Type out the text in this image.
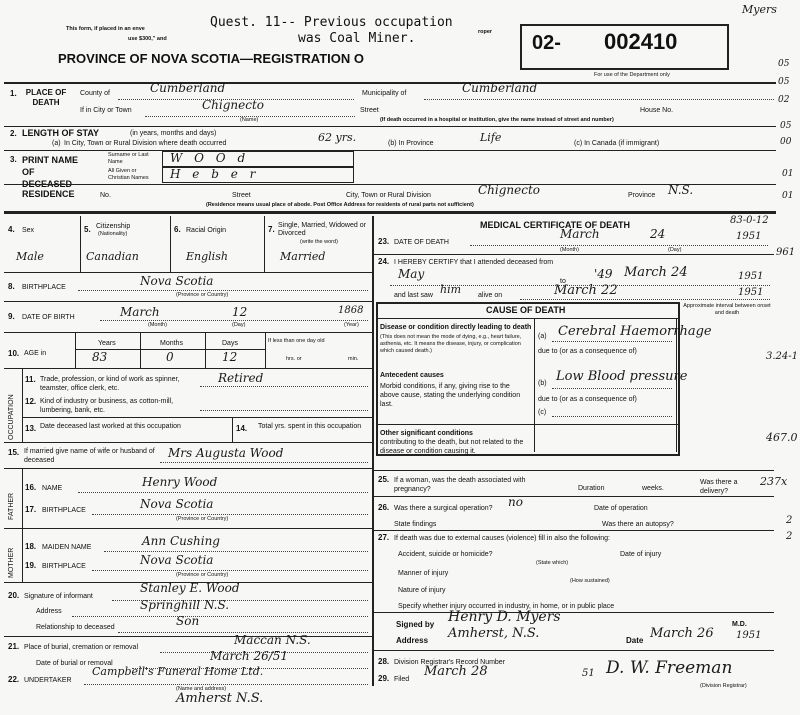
This form, if placed in an enve
use $300," and
PROVINCE OF NOVA SCOTIA—REGISTRATION O
Quest. 11-- Previous occupation
was Coal Miner.	roper 02- 002410
For use of the Department only
Myers
1.	PLACE OF DEATH
County of	Cumberland	Municipality of	Cumberland
If in City or Town	Chignecto
(Name)
Street	House No.
(If death occurred in a hospital or institution, give the name instead of street and number)
2. LENGTH OF STAY	(in years, months and days)
(a) In City, Town or Rural Division where death occurred	62 yrs.	(b) In Province	Life	(c) In Canada (if immigrant)
3. PRINT NAME OF DECEASED
Surname or Last Name	W O O d
All Given or Christian Names	H e b e r
RESIDENCE	No.	Street	City, Town or Rural Division	Chignecto	Province N.S.
(Residence means usual place of abode. Post Office Address for residents of rural parts not sufficient)
4. Sex
Male
5. Citizenship
(Nationality)
Canadian
6. Racial Origin
English
7. Single, Married, Widowed or Divorced
(write the word)
Married
8. BIRTHPLACE	Nova Scotia
(Province or Country)
9. DATE OF BIRTH	March	12	1868
(Month)	(Day)	(Year)
10. AGE in
Years
83
Months
0
Days
12
If less than one day old
hrs. or	min.
OCCUPATION
11. Trade, profession, or kind of work as spinner, teamster, office clerk, etc.
Retired
12. Kind of industry or business, as cotton-mill, lumbering, bank, etc.
13. Date deceased last worked at this occupation	14. Total yrs. spent in this occupation
15. If married give name of wife or husband of deceased
Mrs Augusta Wood
FATHER
16. NAME	Henry Wood
17. BIRTHPLACE	Nova Scotia
(Province or Country)
MOTHER
18. MAIDEN NAME	Ann Cushing
19. BIRTHPLACE	Nova Scotia
(Province or Country)
20. Signature of informant
Stanley E. Wood
Address	Springhill N.S.
Relationship to deceased	Son
21. Place of burial, cremation or removal
Maccan N.S.
Date of burial or removal
March 26/51
22. UNDERTAKER
Campbell's Funeral Home Ltd.
(Name and address)
Amherst N.S.
MEDICAL CERTIFICATE OF DEATH
23. DATE OF DEATH
March	24	1951
(Month)	(Day)
24. I HEREBY CERTIFY that I attended deceased from
May
to
'49 March 24	1951
and last saw him alive on	March 22	1951
CAUSE OF DEATH	Approximate interval between onset and death
Disease or condition directly leading to death
(This does not mean the mode of dying, e.g., heart failure, asthenia, etc. It means the disease, injury, or complication which caused death.)
(a) Cerebral Haemorrhage
due to (or as a consequence of)
Antecedent causes
Morbid conditions, if any, giving rise to the above cause, stating the underlying condition last.
(b) Low Blood pressure
due to (or as a consequence of)
(c)
Other significant conditions
contributing to the death, but not related to the disease or condition causing it.
25. If a woman, was the death associated with pregnancy?	Duration	weeks.
Was there a delivery?
26. Was there a surgical operation? no	Date of operation
State findings	Was there an autopsy?
27. If death was due to external causes (violence) fill in also the following:
Accident, suicide or homicide?	Date of injury
(State which)
Manner of injury
(How sustained)
Nature of injury
Specify whether injury occurred in industry, in home, or in public place
Signed by Henry D. Myers	M.D.
Address Amherst, N.S.	Date March 26 1951
28. Division Registrar's Record Number
29. Filed
March 28	51 D. W. Freeman
(Division Registrar)
05
05
02
05
00
01
01
83-0-12
961
3.24-1
467.0
237x
2
2
